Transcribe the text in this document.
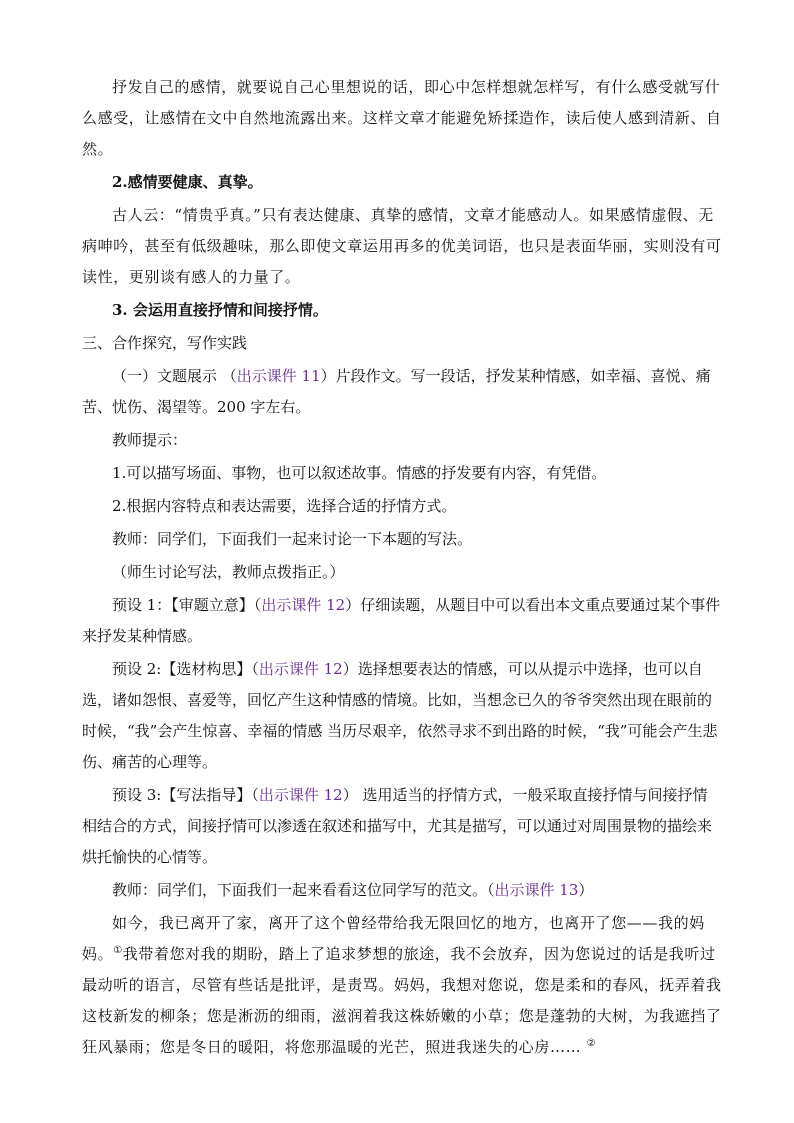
抒发自己的感情，就要说自己心里想说的话，即心中怎样想就怎样写，有什么感受就写什么感受，让感情在文中自然地流露出来。这样文章才能避免矫揉造作，读后使人感到清新、自然。

2.感情要健康、真挚。

古人云：“情贵乎真。”只有表达健康、真挚的感情，文章才能感动人。如果感情虚假、无病呻吟，甚至有低级趣味，那么即使文章运用再多的优美词语，也只是表面华丽，实则没有可读性，更别谈有感人的力量了。

3. 会运用直接抒情和间接抒情。

三、合作探究，写作实践

（一）文题展示 （出示课件 11）片段作文。写一段话，抒发某种情感，如幸福、喜悦、痛苦、忧伤、渴望等。200 字左右。

教师提示：

1.可以描写场面、事物，也可以叙述故事。情感的抒发要有内容，有凭借。

2.根据内容特点和表达需要，选择合适的抒情方式。

教师：同学们，下面我们一起来讨论一下本题的写法。

（师生讨论写法，教师点拨指正。）

预设 1：【审题立意】（出示课件 12）仔细读题，从题目中可以看出本文重点要通过某个事件来抒发某种情感。

预设 2:【选材构思】（出示课件 12）选择想要表达的情感，可以从提示中选择，也可以自选，诸如怨恨、喜爱等，回忆产生这种情感的情境。比如，当想念已久的爷爷突然出现在眼前的时候，“我”会产生惊喜、幸福的情感 当历尽艰辛，依然寻求不到出路的时候，“我”可能会产生悲伤、痛苦的心理等。

预设 3:【写法指导】（出示课件 12） 选用适当的抒情方式，一般采取直接抒情与间接抒情相结合的方式，间接抒情可以渗透在叙述和描写中，尤其是描写，可以通过对周围景物的描绘来烘托愉快的心情等。

教师：同学们，下面我们一起来看看这位同学写的范文。（出示课件 13）

如今，我已离开了家，离开了这个曾经带给我无限回忆的地方，也离开了您——我的妈妈。①我带着您对我的期盼，踏上了追求梦想的旅途，我不会放弃，因为您说过的话是我听过最动听的语言，尽管有些话是批评，是责骂。妈妈，我想对您说，您是柔和的春风，抚弄着我这枝新发的柳条；您是淅沥的细雨，滋润着我这株娇嫩的小草；您是蓬勃的大树，为我遮挡了狂风暴雨；您是冬日的暖阳，将您那温暖的光芒，照进我迷失的心房…… ②
